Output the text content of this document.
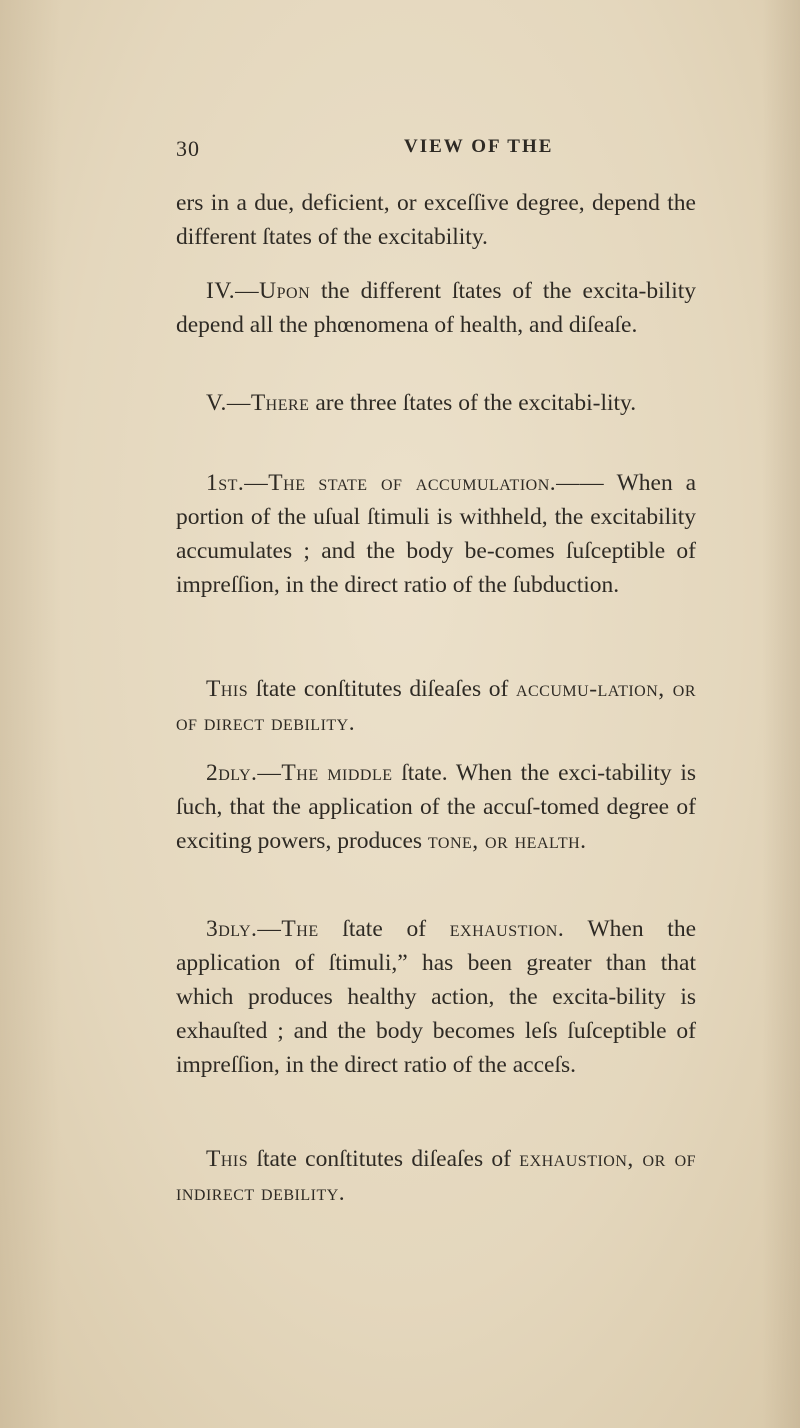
30	VIEW OF THE

ers in a due, deficient, or exceſſive degree, depend the different ſtates of the excitability.

IV.—Upon the different ſtates of the excita-bility depend all the phœnomena of health, and diſeaſe.

V.—There are three ſtates of the excitabi-lity.

1ſt.—The ſtate of accumulation.—— When a portion of the uſual ſtimuli is withheld, the excitability accumulates ; and the body be-comes ſuſceptible of impreſſion, in the direct ratio of the ſubduction.

This ſtate conſtitutes diſeaſes of accumu-lation, or of direct debility.

2dly.—The middle ſtate. When the exci-tability is ſuch, that the application of the accuſ-tomed degree of exciting powers, produces tone, or health.

3dly.—The ſtate of exhaustion. When the application of ſtimuli,” has been greater than that which produces healthy action, the excita-bility is exhauſted ; and the body becomes leſs ſuſceptible of impreſſion, in the direct ratio of the acceſs.

This ſtate conſtitutes diſeaſes of exhaustion, or of indirect debility.
